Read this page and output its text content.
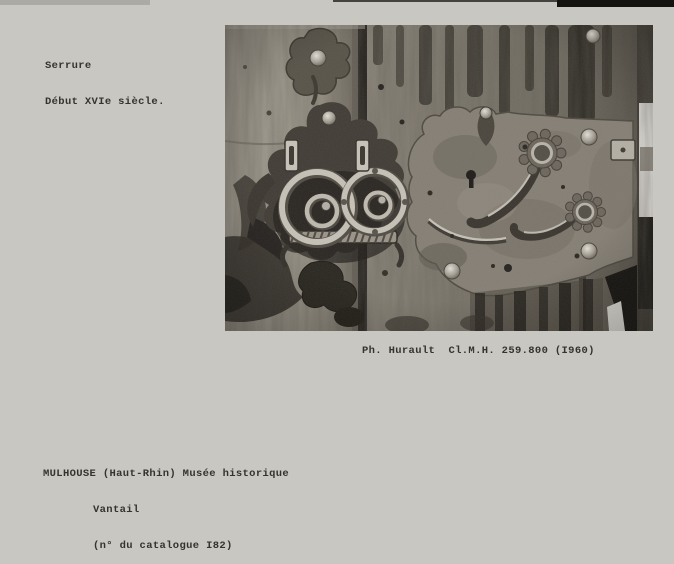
Serrure

Début XVIe siècle.

Ph. Hurault  Cl.M.H. 259.800 (I960)

MULHOUSE (Haut-Rhin) Musée historique

Vantail

(n° du catalogue I82)
